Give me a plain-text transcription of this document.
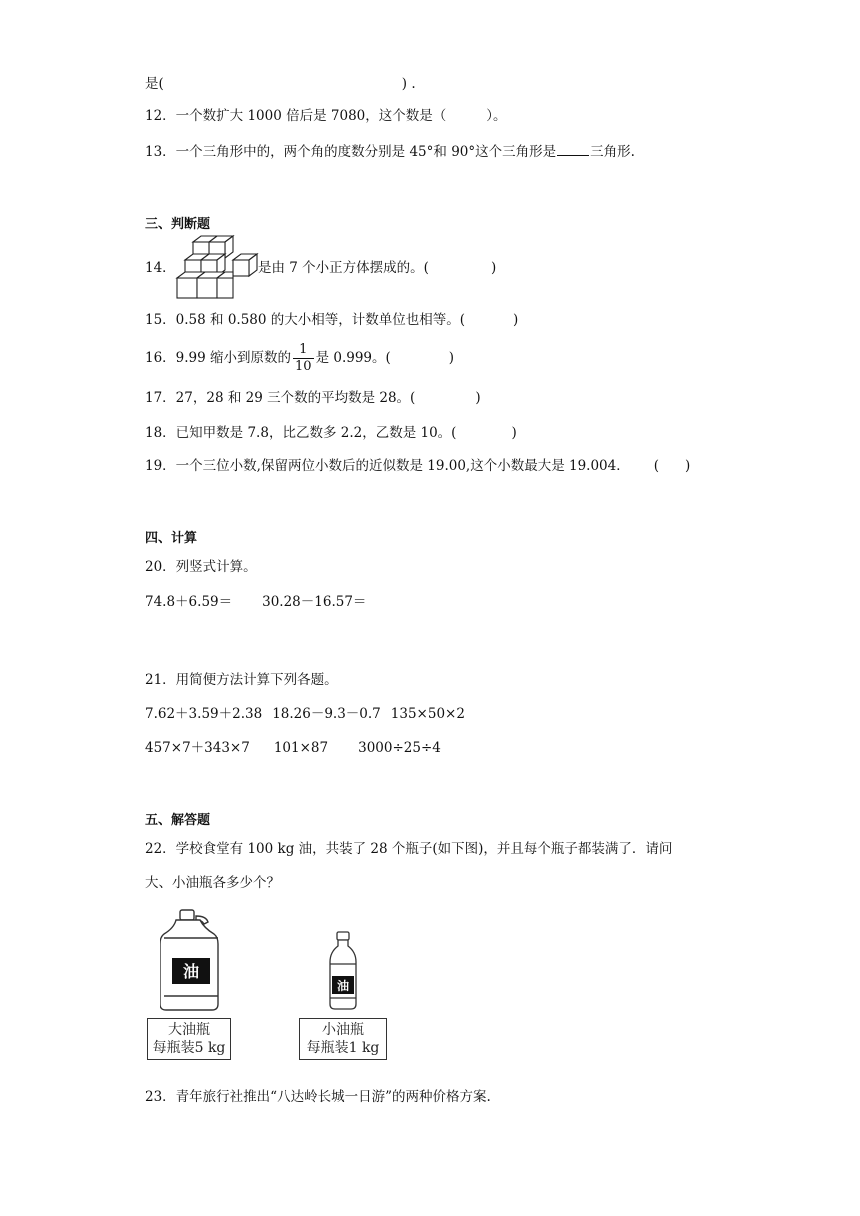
是(	) .
12．一个数扩大 1000 倍后是 7080，这个数是（	）。
13．一个三角形中的，两个角的度数分别是 45°和 90°这个三角形是	三角形.
三、判断题
14．	是由 7 个小正方体摆成的。(	)
15．0.58 和 0.580 的大小相等，计数单位也相等。(	)
16．9.99 缩小到原数的 $\frac{1}{10}$ 是 0.999。(	)
17．27，28 和 29 三个数的平均数是 28。(	)
18．已知甲数是 7.8，比乙数多 2.2，乙数是 10。(	)
19．一个三位小数,保留两位小数后的近似数是 19.00,这个小数最大是 19.004． ( )
四、计算
20．列竖式计算。
74.8＋6.59＝ 30.28－16.57＝
21．用简便方法计算下列各题。
7.62＋3.59＋2.38 18.26－9.3－0.7 135×50×2
457×7＋343×7 101×87 3000÷25÷4
五、解答题
22．学校食堂有 100 kg 油，共装了 28 个瓶子(如下图)，并且每个瓶子都装满了．请问
大、小油瓶各多少个？
油
大油瓶
每瓶装5 kg
油
小油瓶
每瓶装1 kg
23．青年旅行社推出“八达岭长城一日游”的两种价格方案.
